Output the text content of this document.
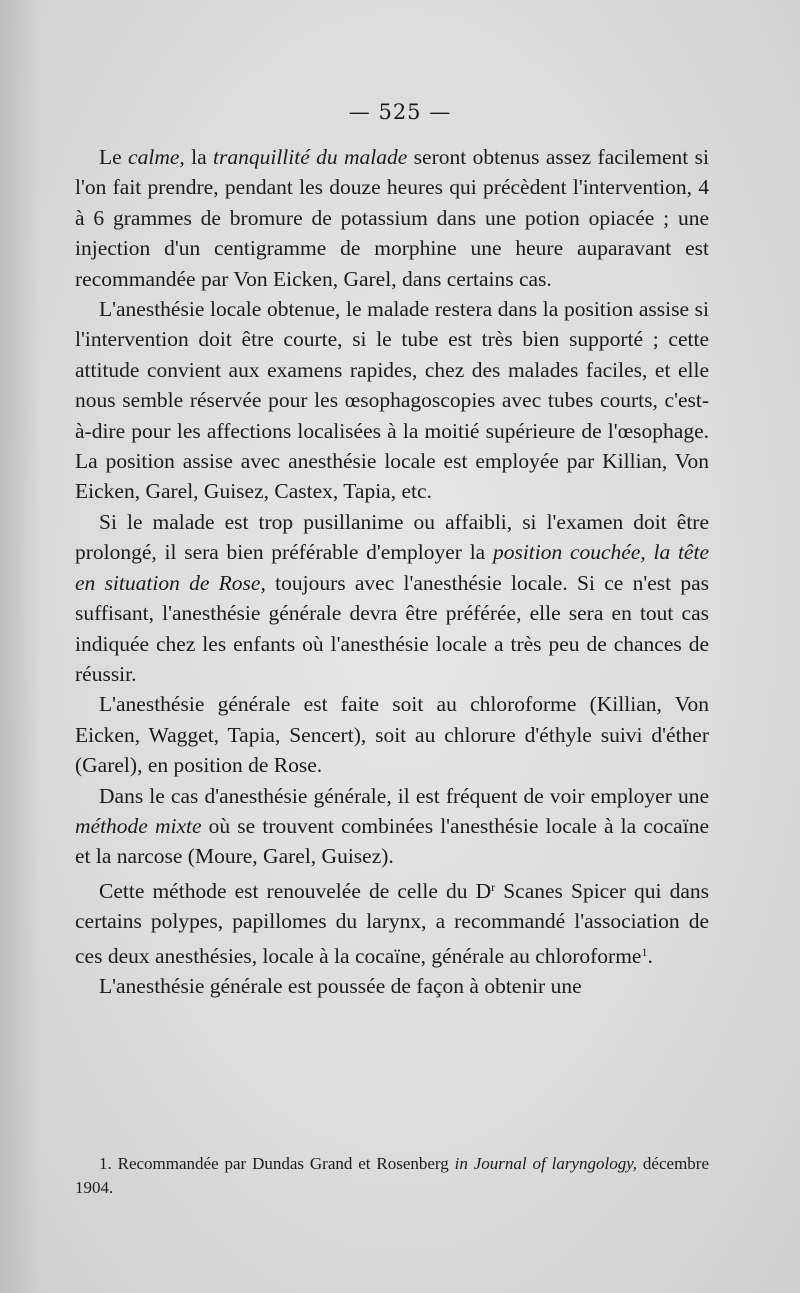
— 525 —

Le calme, la tranquillité du malade seront obtenus assez facilement si l'on fait prendre, pendant les douze heures qui précèdent l'intervention, 4 à 6 grammes de bromure de potassium dans une potion opiacée ; une injection d'un centigramme de morphine une heure auparavant est recommandée par Von Eicken, Garel, dans certains cas.

L'anesthésie locale obtenue, le malade restera dans la position assise si l'intervention doit être courte, si le tube est très bien supporté ; cette attitude convient aux examens rapides, chez des malades faciles, et elle nous semble réservée pour les œsophagoscopies avec tubes courts, c'est-à-dire pour les affections localisées à la moitié supérieure de l'œsophage. La position assise avec anesthésie locale est employée par Killian, Von Eicken, Garel, Guisez, Castex, Tapia, etc.

Si le malade est trop pusillanime ou affaibli, si l'examen doit être prolongé, il sera bien préférable d'employer la position couchée, la tête en situation de Rose, toujours avec l'anesthésie locale. Si ce n'est pas suffisant, l'anesthésie générale devra être préférée, elle sera en tout cas indiquée chez les enfants où l'anesthésie locale a très peu de chances de réussir.

L'anesthésie générale est faite soit au chloroforme (Killian, Von Eicken, Wagget, Tapia, Sencert), soit au chlorure d'éthyle suivi d'éther (Garel), en position de Rose.

Dans le cas d'anesthésie générale, il est fréquent de voir employer une méthode mixte où se trouvent combinées l'anesthésie locale à la cocaïne et la narcose (Moure, Garel, Guisez).

Cette méthode est renouvelée de celle du $D^r$ Scanes Spicer qui dans certains polypes, papillomes du larynx, a recommandé l'association de ces deux anesthésies, locale à la cocaïne, générale au chloroforme$^1$.

L'anesthésie générale est poussée de façon à obtenir une

1. Recommandée par Dundas Grand et Rosenberg in Journal of laryngology, décembre 1904.
